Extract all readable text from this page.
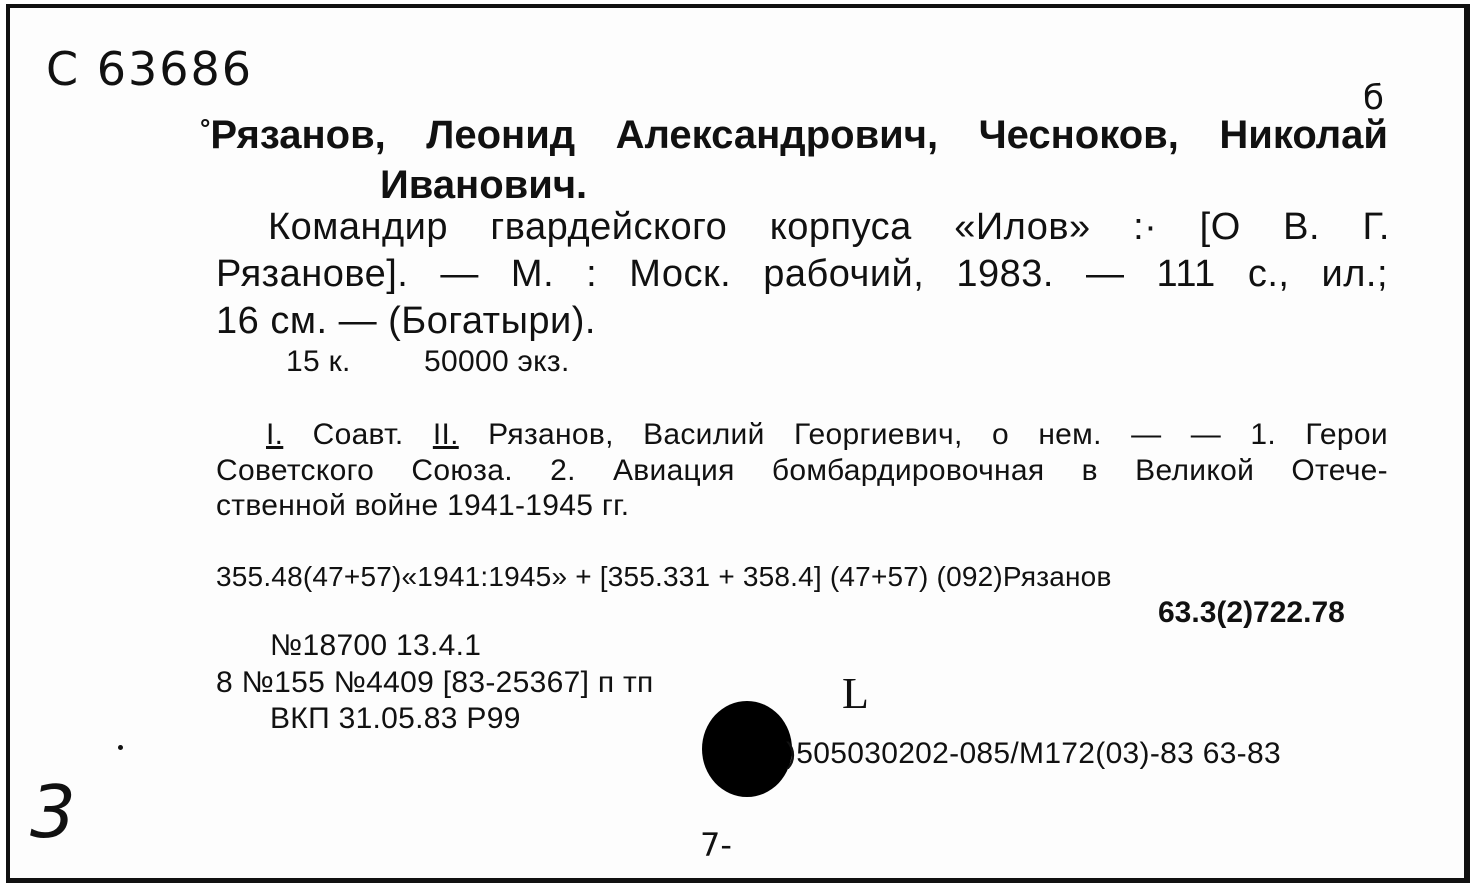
С 63686
б
°Рязанов, Леонид Александрович, Чесноков, Николай
Иванович.
Командир гвардейского корпуса «Илов» :· [О В. Г.
Рязанове]. — М. : Моск. рабочий, 1983. — 111 с., ил.;
16 см. — (Богатыри).
15 к. 50000 экз.
I. Соавт. II. Рязанов, Василий Георгиевич, о нем. — — 1. Герои
Советского Союза. 2. Авиация бомбардировочная в Великой Отече-
ственной войне 1941-1945 гг.
355.48(47+57)«1941:1945» + [355.331 + 358.4] (47+57) (092)Рязанов
63.3(2)722.78
№18700 13.4.1
8 №155 №4409 [83-25367] п тп
ВКП 31.05.83 Р99
L
)505030202-085/М172(03)-83 63-83
3	7-
